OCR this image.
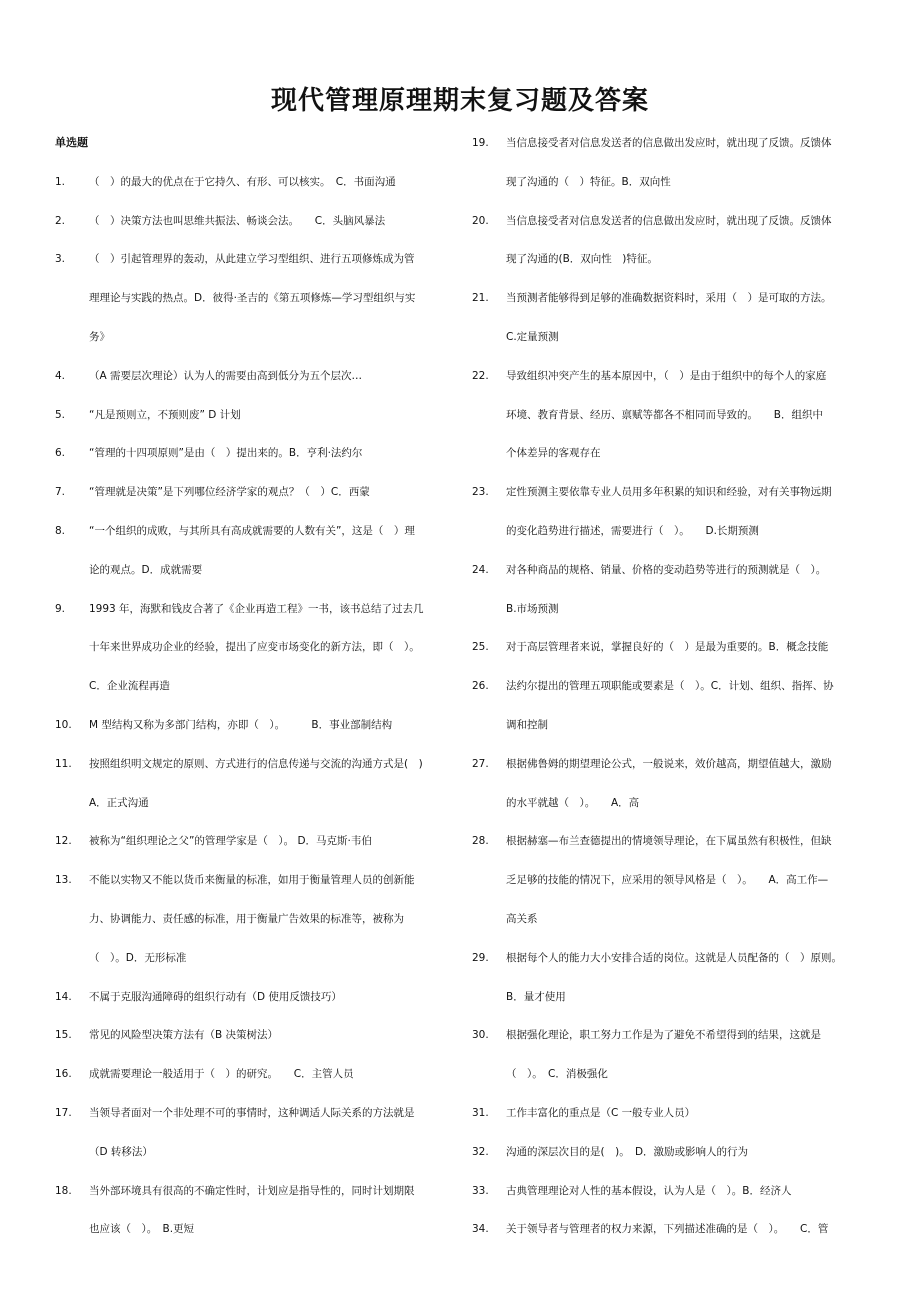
现代管理原理期末复习题及答案
单选题
1.	（　）的最大的优点在于它持久、有形、可以核实。　C．书面沟通
2.	（　）决策方法也叫思维共振法、畅谈会法。　　C．头脑风暴法
3.	（　）引起管理界的轰动，从此建立学习型组织、进行五项修炼成为管
理理论与实践的热点。D．彼得·圣吉的《第五项修炼—学习型组织与实
务》
4.	（A 需要层次理论）认为人的需要由高到低分为五个层次…
5.	“凡是预则立，不预则废” D 计划
6.	“管理的十四项原则”是由（　）提出来的。B．亨利·法约尔
7.	“管理就是决策”是下列哪位经济学家的观点？（　）C．西蒙
8.	“一个组织的成败，与其所具有高成就需要的人数有关”，这是（　）理
论的观点。D．成就需要
9.	1993 年，海默和钱皮合著了《企业再造工程》一书，该书总结了过去几
十年来世界成功企业的经验，提出了应变市场变化的新方法，即（　）。
C．企业流程再造
10.	M 型结构又称为多部门结构，亦即（　）。　　　B．事业部制结构
11.	按照组织明文规定的原则、方式进行的信息传递与交流的沟通方式是(　)
A．正式沟通
12.	被称为“组织理论之父”的管理学家是（　）。 D．马克斯·韦伯
13.	不能以实物又不能以货币来衡量的标准，如用于衡量管理人员的创新能
力、协调能力、责任感的标准，用于衡量广告效果的标准等，被称为
（　）。D．无形标准
14.	不属于克服沟通障碍的组织行动有（D 使用反馈技巧）
15.	常见的风险型决策方法有（B 决策树法）
16.	成就需要理论一般适用于（　）的研究。　　C．主管人员
17.	当领导者面对一个非处理不可的事情时，这种调适人际关系的方法就是
（D 转移法）
18.	当外部环境具有很高的不确定性时，计划应是指导性的，同时计划期限
也应该（　）。　B.更短
19.	当信息接受者对信息发送者的信息做出发应时，就出现了反馈。反馈体
现了沟通的（　）特征。B．双向性
20.	当信息接受者对信息发送者的信息做出发应时，就出现了反馈。反馈体
现了沟通的(B．双向性　)特征。
21.	当预测者能够得到足够的准确数据资料时，采用（　）是可取的方法。
C.定量预测
22.	导致组织冲突产生的基本原因中，（　）是由于组织中的每个人的家庭
环境、教育背景、经历、禀赋等都各不相同而导致的。　　B．组织中
个体差异的客观存在
23.	定性预测主要依靠专业人员用多年积累的知识和经验，对有关事物远期
的变化趋势进行描述，需要进行（　）。　　D.长期预测
24.	对各种商品的规格、销量、价格的变动趋势等进行的预测就是（　）。
B.市场预测
25.	对于高层管理者来说，掌握良好的（　）是最为重要的。B．概念技能
26.	法约尔提出的管理五项职能或要素是（　）。C．计划、组织、指挥、协
调和控制
27.	根据佛鲁姆的期望理论公式，一般说来，效价越高，期望值越大，激励
的水平就越（　）。　　A．高
28.	根据赫塞—布兰查德提出的情境领导理论，在下属虽然有积极性，但缺
乏足够的技能的情况下，应采用的领导风格是（　）。　　A．高工作—
高关系
29.	根据每个人的能力大小安排合适的岗位。这就是人员配备的（　）原则。
B．量才使用
30.	根据强化理论，职工努力工作是为了避免不希望得到的结果，这就是
（　）。　C．消极强化
31.	工作丰富化的重点是（C 一般专业人员）
32.	沟通的深层次目的是(　)。　D．激励或影响人的行为
33.	古典管理理论对人性的基本假设，认为人是（　）。B．经济人
34.	关于领导者与管理者的权力来源，下列描述准确的是（　）。　　C．管
